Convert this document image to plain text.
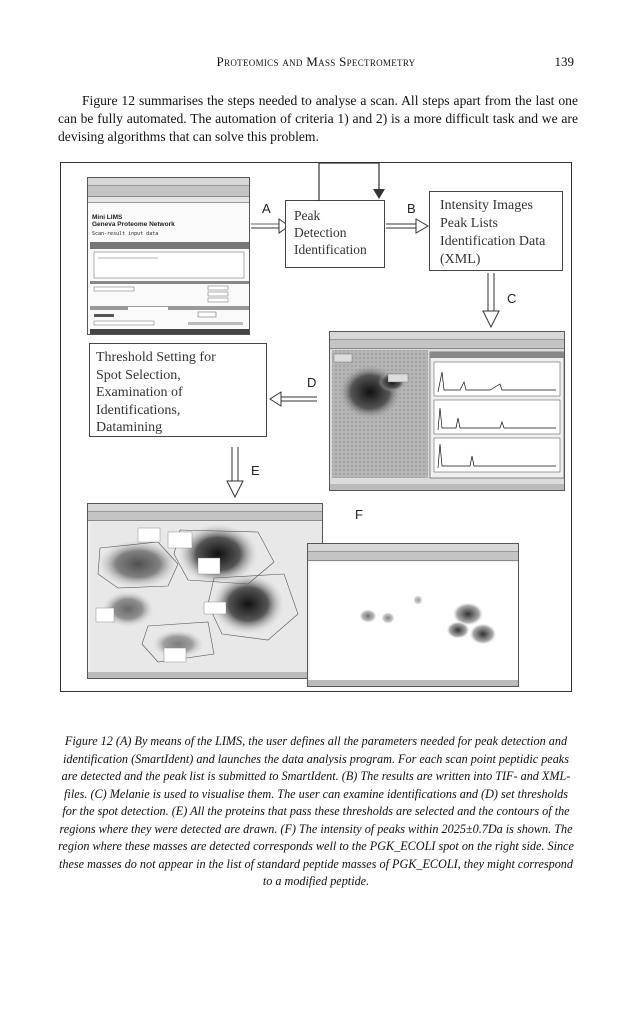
Proteomics and Mass Spectrometry	139
Figure 12 summarises the steps needed to analyse a scan. All steps apart from the last one can be fully automated. The automation of criteria 1) and 2) is a more difficult task and we are devising algorithms that can solve this problem.
Mini LIMS
Geneva Proteome Network
Scan-result input data
A	Peak
Detection
Identification
B Intensity Images
Peak Lists
Identification Data
(XML)
C
Threshold Setting for
Spot Selection,
Examination of
Identifications,
Datamining
D
E
F
Figure 12 (A) By means of the LIMS, the user defines all the parameters needed for peak detection and identification (SmartIdent) and launches the data analysis program. For each scan point peptidic peaks are detected and the peak list is submitted to SmartIdent. (B) The results are written into TIF- and XML-files. (C) Melanie is used to visualise them. The user can examine identifications and (D) set thresholds for the spot detection. (E) All the proteins that pass these thresholds are selected and the contours of the regions where they were detected are drawn. (F) The intensity of peaks within 2025±0.7Da is shown. The region where these masses are detected corresponds well to the PGK_ECOLI spot on the right side. Since these masses do not appear in the list of standard peptide masses of PGK_ECOLI, they might correspond to a modified peptide.
